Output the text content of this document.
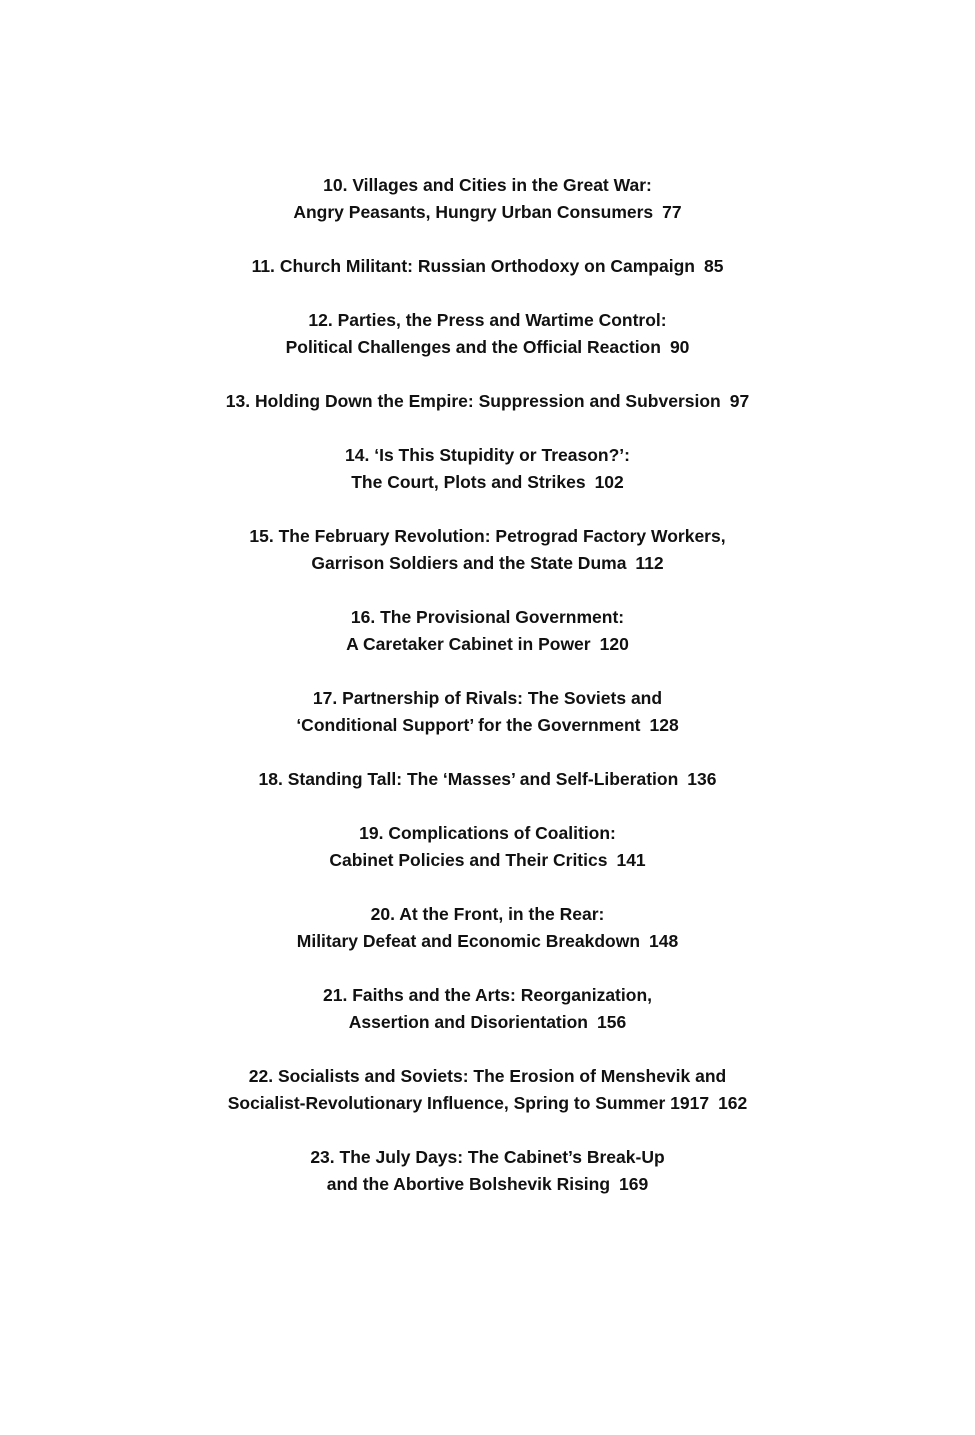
10. Villages and Cities in the Great War:
Angry Peasants, Hungry Urban Consumers 77
11. Church Militant: Russian Orthodoxy on Campaign 85
12. Parties, the Press and Wartime Control:
Political Challenges and the Official Reaction 90
13. Holding Down the Empire: Suppression and Subversion 97
14. ‘Is This Stupidity or Treason?’:
The Court, Plots and Strikes 102
15. The February Revolution: Petrograd Factory Workers,
Garrison Soldiers and the State Duma 112
16. The Provisional Government:
A Caretaker Cabinet in Power 120
17. Partnership of Rivals: The Soviets and
‘Conditional Support’ for the Government 128
18. Standing Tall: The ‘Masses’ and Self-Liberation 136
19. Complications of Coalition:
Cabinet Policies and Their Critics 141
20. At the Front, in the Rear:
Military Defeat and Economic Breakdown 148
21. Faiths and the Arts: Reorganization,
Assertion and Disorientation 156
22. Socialists and Soviets: The Erosion of Menshevik and
Socialist-Revolutionary Influence, Spring to Summer 1917 162
23. The July Days: The Cabinet’s Break-Up
and the Abortive Bolshevik Rising 169
